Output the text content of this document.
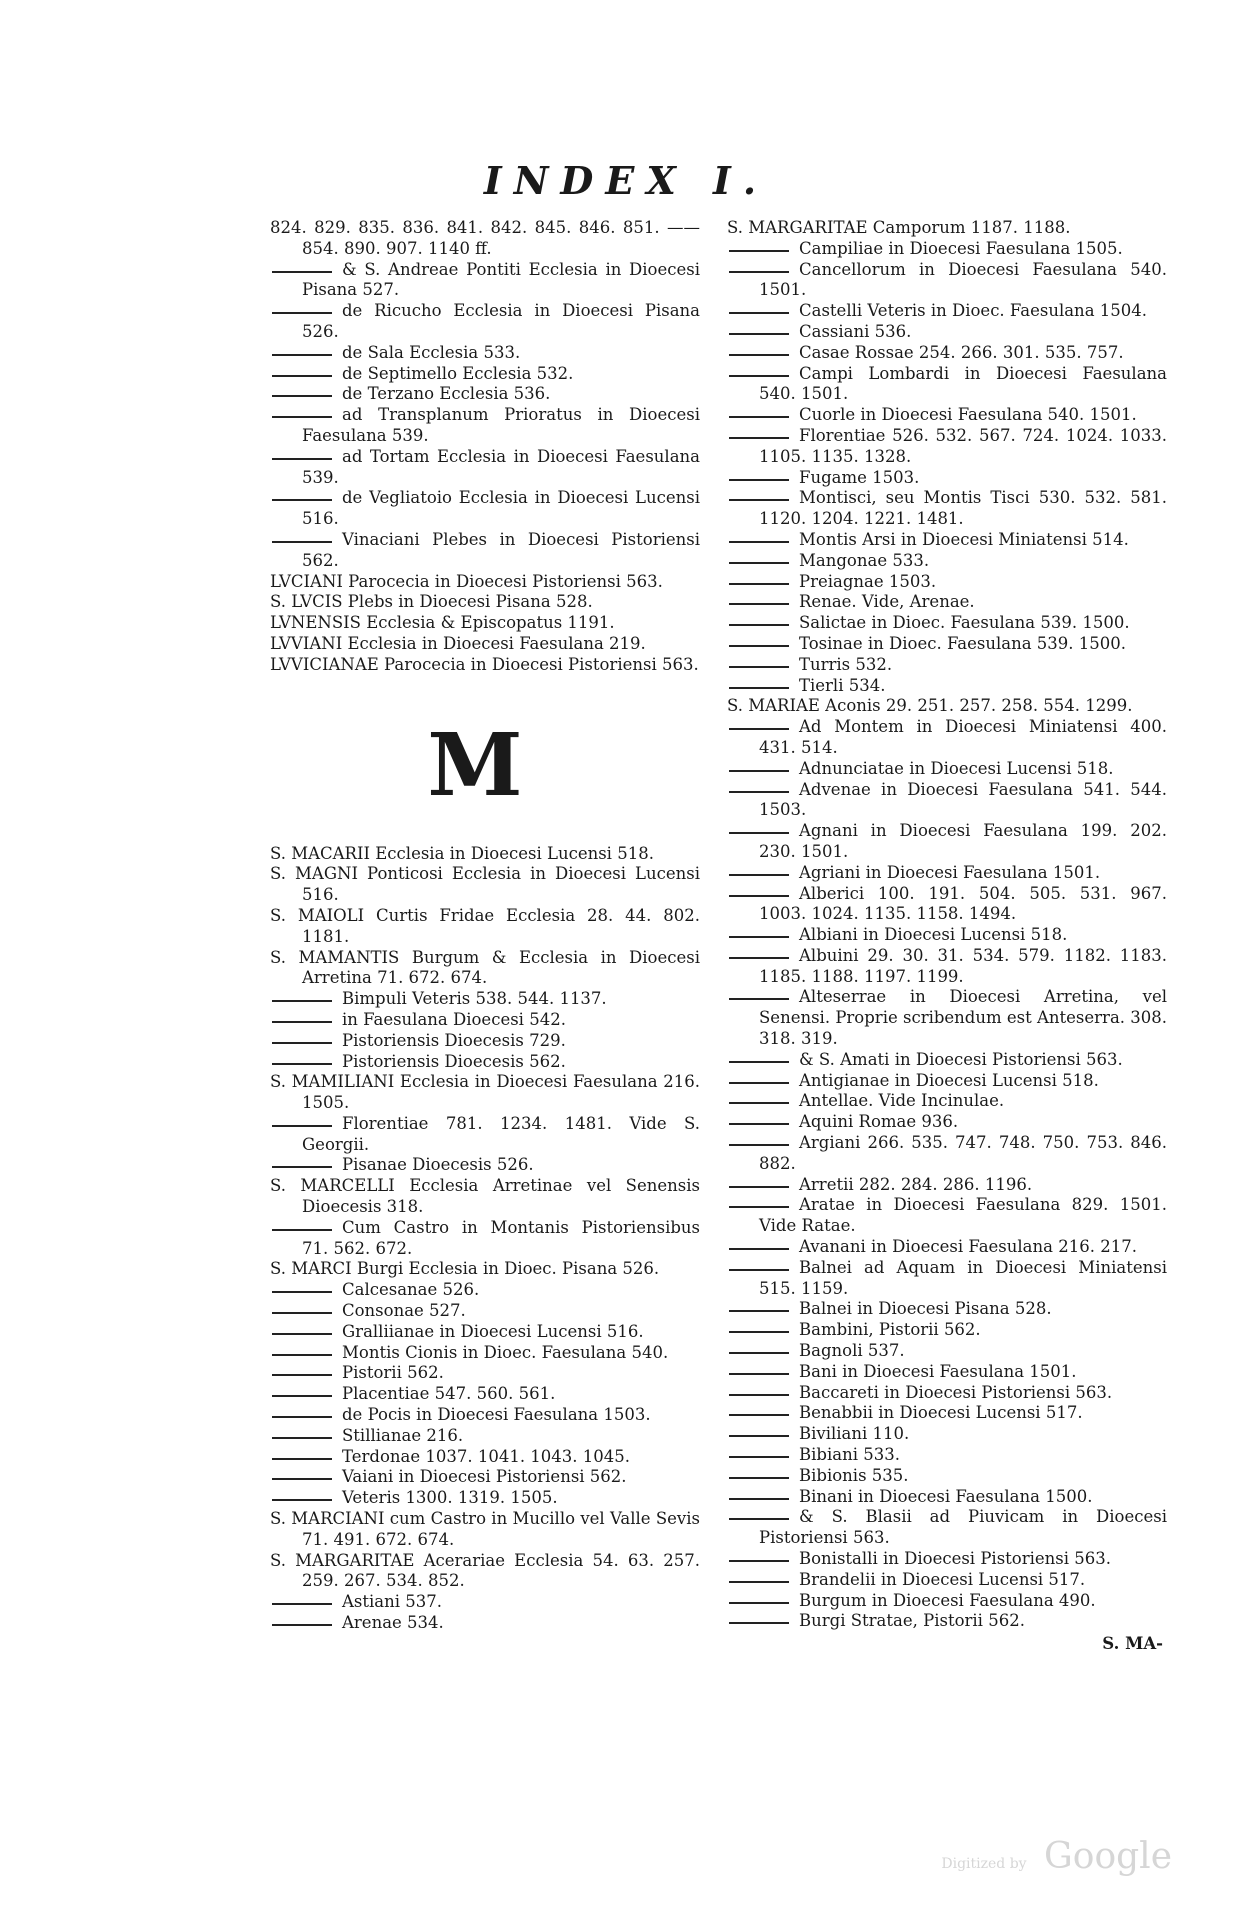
INDEX I.

824. 829. 835. 836. 841. 842. 845. 846. 851. —— 854. 890. 907. 1140 ff.

& S. Andreae Pontiti Ecclesia in Dioecesi Pisana 527.

de Ricucho Ecclesia in Dioecesi Pisana 526.

de Sala Ecclesia 533.

de Septimello Ecclesia 532.

de Terzano Ecclesia 536.

ad Transplanum Prioratus in Dioecesi Faesulana 539.

ad Tortam Ecclesia in Dioecesi Faesulana 539.

de Vegliatoio Ecclesia in Dioecesi Lucensi 516.

Vinaciani Plebes in Dioecesi Pistoriensi 562.

LVCIANI Parocecia in Dioecesi Pistoriensi 563.

S. LVCIS Plebs in Dioecesi Pisana 528.

LVNENSIS Ecclesia & Episcopatus 1191.

LVVIANI Ecclesia in Dioecesi Faesulana 219.

LVVICIANAE Parocecia in Dioecesi Pistoriensi 563.

M

S. MACARII Ecclesia in Dioecesi Lucensi 518.

S. MAGNI Ponticosi Ecclesia in Dioecesi Lucensi 516.

S. MAIOLI Curtis Fridae Ecclesia 28. 44. 802. 1181.

S. MAMANTIS Burgum & Ecclesia in Dioecesi Arretina 71. 672. 674.

Bimpuli Veteris 538. 544. 1137.

in Faesulana Dioecesi 542.

Pistoriensis Dioecesis 729.

Pistoriensis Dioecesis 562.

S. MAMILIANI Ecclesia in Dioecesi Faesulana 216. 1505.

Florentiae 781. 1234. 1481. Vide S. Georgii.

Pisanae Dioecesis 526.

S. MARCELLI Ecclesia Arretinae vel Senensis Dioecesis 318.

Cum Castro in Montanis Pistoriensibus 71. 562. 672.

S. MARCI Burgi Ecclesia in Dioec. Pisana 526.

Calcesanae 526.

Consonae 527.

Gralliianae in Dioecesi Lucensi 516.

Montis Cionis in Dioec. Faesulana 540.

Pistorii 562.

Placentiae 547. 560. 561.

de Pocis in Dioecesi Faesulana 1503.

Stillianae 216.

Terdonae 1037. 1041. 1043. 1045.

Vaiani in Dioecesi Pistoriensi 562.

Veteris 1300. 1319. 1505.

S. MARCIANI cum Castro in Mucillo vel Valle Sevis 71. 491. 672. 674.

S. MARGARITAE Acerariae Ecclesia 54. 63. 257. 259. 267. 534. 852.

Astiani 537.

Arenae 534.

S. MARGARITAE Camporum 1187. 1188.

Campiliae in Dioecesi Faesulana 1505.

Cancellorum in Dioecesi Faesulana 540. 1501.

Castelli Veteris in Dioec. Faesulana 1504.

Cassiani 536.

Casae Rossae 254. 266. 301. 535. 757.

Campi Lombardi in Dioecesi Faesulana 540. 1501.

Cuorle in Dioecesi Faesulana 540. 1501.

Florentiae 526. 532. 567. 724. 1024. 1033. 1105. 1135. 1328.

Fugame 1503.

Montisci, seu Montis Tisci 530. 532. 581. 1120. 1204. 1221. 1481.

Montis Arsi in Dioecesi Miniatensi 514.

Mangonae 533.

Preiagnae 1503.

Renae. Vide, Arenae.

Salictae in Dioec. Faesulana 539. 1500.

Tosinae in Dioec. Faesulana 539. 1500.

Turris 532.

Tierli 534.

S. MARIAE Aconis 29. 251. 257. 258. 554. 1299.

Ad Montem in Dioecesi Miniatensi 400. 431. 514.

Adnunciatae in Dioecesi Lucensi 518.

Advenae in Dioecesi Faesulana 541. 544. 1503.

Agnani in Dioecesi Faesulana 199. 202. 230. 1501.

Agriani in Dioecesi Faesulana 1501.

Alberici 100. 191. 504. 505. 531. 967. 1003. 1024. 1135. 1158. 1494.

Albiani in Dioecesi Lucensi 518.

Albuini 29. 30. 31. 534. 579. 1182. 1183. 1185. 1188. 1197. 1199.

Alteserrae in Dioecesi Arretina, vel Senensi. Proprie scribendum est Anteserra. 308. 318. 319.

& S. Amati in Dioecesi Pistoriensi 563.

Antigianae in Dioecesi Lucensi 518.

Antellae. Vide Incinulae.

Aquini Romae 936.

Argiani 266. 535. 747. 748. 750. 753. 846. 882.

Arretii 282. 284. 286. 1196.

Aratae in Dioecesi Faesulana 829. 1501. Vide Ratae.

Avanani in Dioecesi Faesulana 216. 217.

Balnei ad Aquam in Dioecesi Miniatensi 515. 1159.

Balnei in Dioecesi Pisana 528.

Bambini, Pistorii 562.

Bagnoli 537.

Bani in Dioecesi Faesulana 1501.

Baccareti in Dioecesi Pistoriensi 563.

Benabbii in Dioecesi Lucensi 517.

Biviliani 110.

Bibiani 533.

Bibionis 535.

Binani in Dioecesi Faesulana 1500.

& S. Blasii ad Piuvicam in Dioecesi Pistoriensi 563.

Bonistalli in Dioecesi Pistoriensi 563.

Brandelii in Dioecesi Lucensi 517.

Burgum in Dioecesi Faesulana 490.

Burgi Stratae, Pistorii 562.

S. MA-
Digitized by Google
